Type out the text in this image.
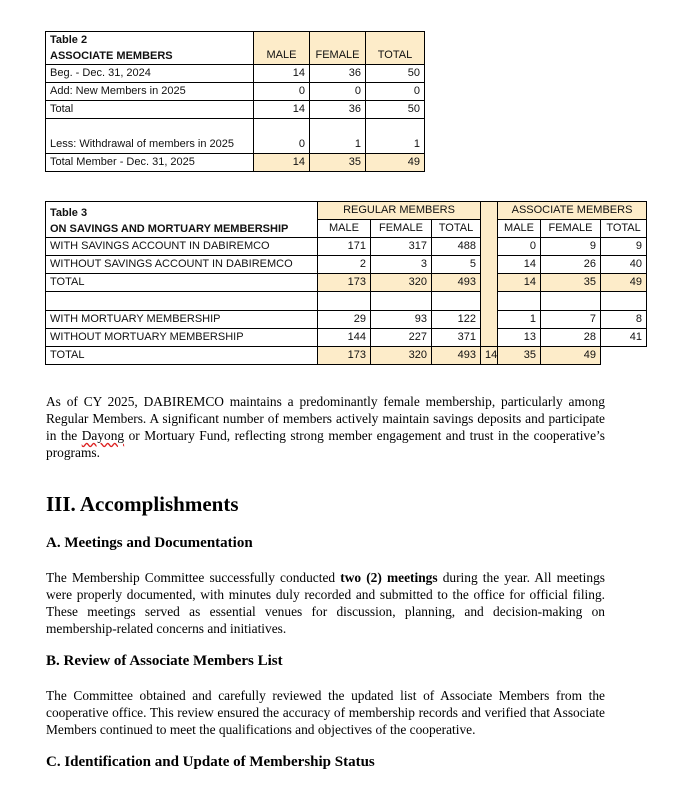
Table 2
ASSOCIATE MEMBERS	MALE	FEMALE	TOTAL
Beg. - Dec. 31, 2024	14	36	50
Add: New Members in 2025	0	0	0
Total	14	36	50
Less: Withdrawal of members in 2025	0	1	1
Total Member - Dec. 31, 2025	14	35	49
Table 3
ON SAVINGS AND MORTUARY MEMBERSHIP	REGULAR MEMBERS				ASSOCIATE MEMBERS		
	MALE	FEMALE	TOTAL		MALE	FEMALE	TOTAL
WITH SAVINGS ACCOUNT IN DABIREMCO	171	317	488		0	9	9
WITHOUT SAVINGS ACCOUNT IN DABIREMCO	2	3	5		14	26	40
TOTAL	173	320	493		14	35	49

WITH MORTUARY MEMBERSHIP	29	93	122		1	7	8
WITHOUT MORTUARY MEMBERSHIP	144	227	371		13	28	41
TOTAL	173	320	493	14	35	49	

As of CY 2025, DABIREMCO maintains a predominantly female membership, particularly among Regular Members. A significant number of members actively maintain savings deposits and participate in the Dayong or Mortuary Fund, reflecting strong member engagement and trust in the cooperative’s programs.

III. Accomplishments
A. Meetings and Documentation

The Membership Committee successfully conducted two (2) meetings during the year. All meetings were properly documented, with minutes duly recorded and submitted to the office for official filing. These meetings served as essential venues for discussion, planning, and decision-making on membership-related concerns and initiatives.

B. Review of Associate Members List

The Committee obtained and carefully reviewed the updated list of Associate Members from the cooperative office. This review ensured the accuracy of membership records and verified that Associate Members continued to meet the qualifications and objectives of the cooperative.

C. Identification and Update of Membership Status
